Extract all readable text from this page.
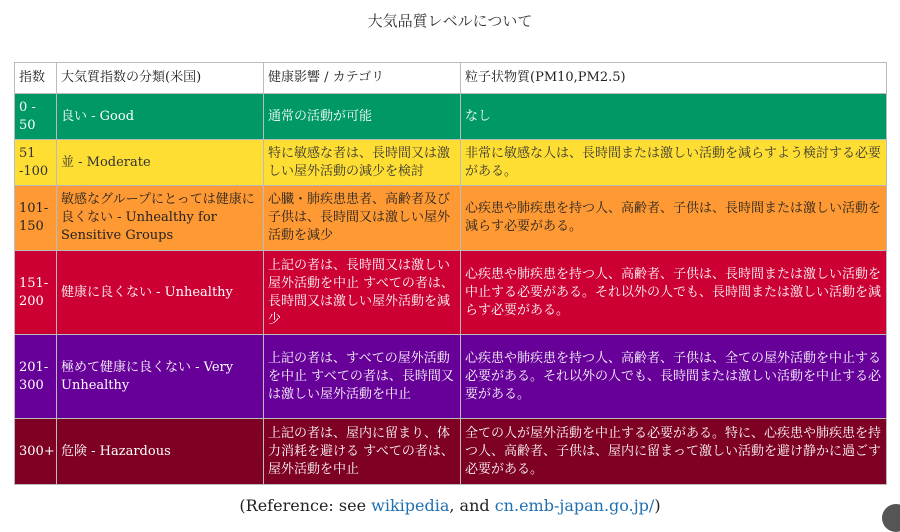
大気品質レベルについて
指数	大気質指数の分類(米国)	健康影響 / カテゴリ	粒子状物質(PM10,PM2.5)
0 - 50	良い - Good	通常の活動が可能	なし
51 -100	並 - Moderate	特に敏感な者は、長時間又は激しい屋外活動の減少を検討	非常に敏感な人は、長時間または激しい活動を減らすよう検討する必要がある。
101-150	敏感なグループにとっては健康に良くない - Unhealthy for Sensitive Groups	心臓・肺疾患患者、高齢者及び子供は、長時間又は激しい屋外活動を減少	心疾患や肺疾患を持つ人、高齢者、子供は、長時間または激しい活動を減らす必要がある。
151-200	健康に良くない - Unhealthy	上記の者は、長時間又は激しい屋外活動を中止 すべての者は、長時間又は激しい屋外活動を減少	心疾患や肺疾患を持つ人、高齢者、子供は、長時間または激しい活動を中止する必要がある。それ以外の人でも、長時間または激しい活動を減らす必要がある。
201-300	極めて健康に良くない - Very Unhealthy	上記の者は、すべての屋外活動を中止 すべての者は、長時間又は激しい屋外活動を中止	心疾患や肺疾患を持つ人、高齢者、子供は、全ての屋外活動を中止する必要がある。それ以外の人でも、長時間または激しい活動を中止する必要がある。
300+	危険 - Hazardous	上記の者は、屋内に留まり、体力消耗を避ける すべての者は、屋外活動を中止	全ての人が屋外活動を中止する必要がある。特に、心疾患や肺疾患を持つ人、高齢者、子供は、屋内に留まって激しい活動を避け静かに過ごす必要がある。
(Reference: see wikipedia, and cn.emb-japan.go.jp/)
